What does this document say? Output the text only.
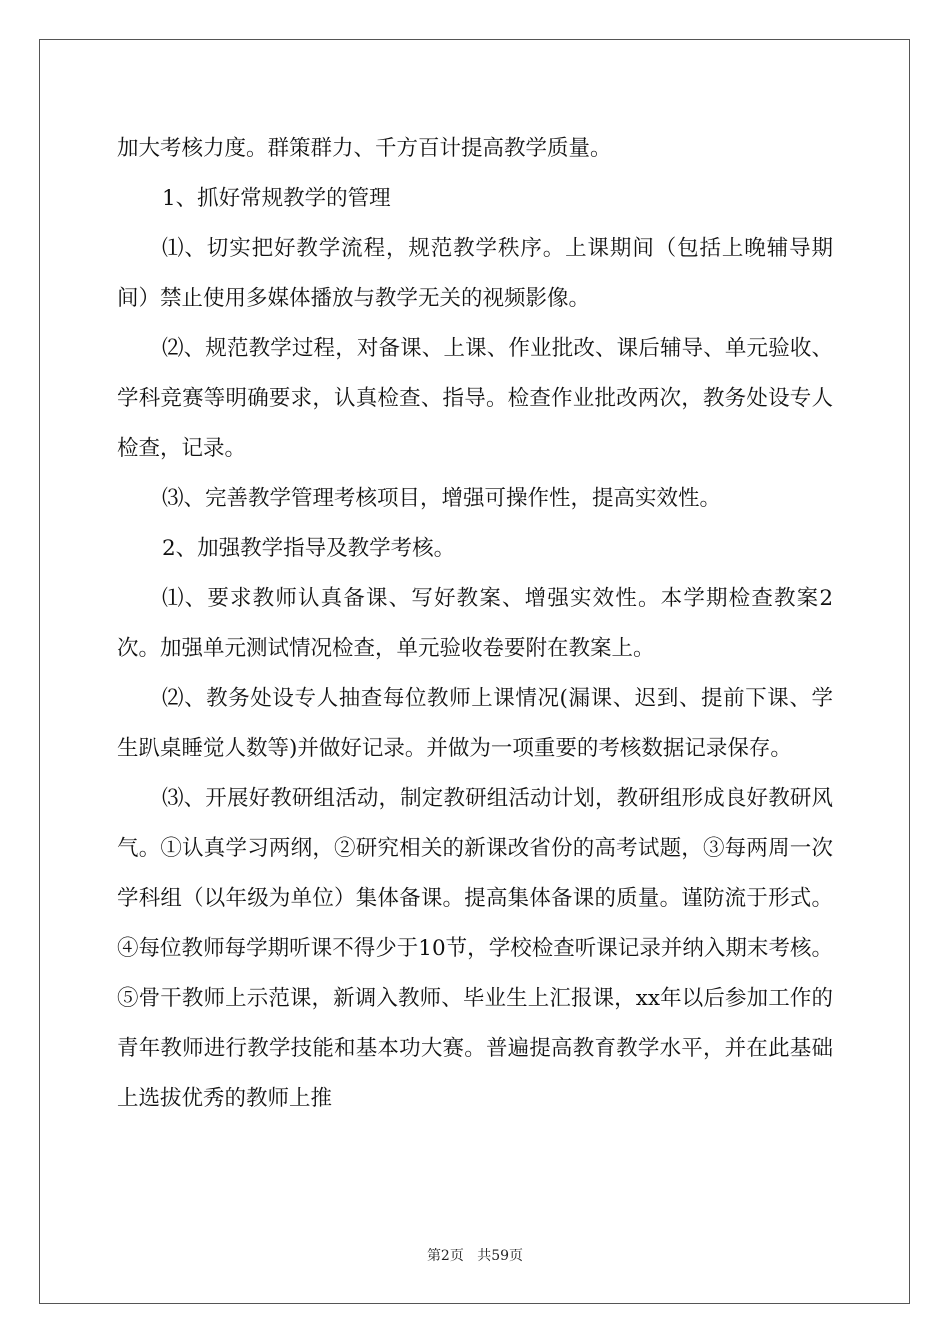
加大考核力度。群策群力、千方百计提高教学质量。

1、抓好常规教学的管理

⑴、切实把好教学流程，规范教学秩序。上课期间（包括上晚辅导期间）禁止使用多媒体播放与教学无关的视频影像。

⑵、规范教学过程，对备课、上课、作业批改、课后辅导、单元验收、学科竞赛等明确要求，认真检查、指导。检查作业批改两次，教务处设专人检查，记录。

⑶、完善教学管理考核项目，增强可操作性，提高实效性。

2、加强教学指导及教学考核。

⑴、要求教师认真备课、写好教案、增强实效性。本学期检查教案2次。加强单元测试情况检查，单元验收卷要附在教案上。

⑵、教务处设专人抽查每位教师上课情况(漏课、迟到、提前下课、学生趴桌睡觉人数等)并做好记录。并做为一项重要的考核数据记录保存。

⑶、开展好教研组活动，制定教研组活动计划，教研组形成良好教研风气。①认真学习两纲，②研究相关的新课改省份的高考试题，③每两周一次学科组（以年级为单位）集体备课。提高集体备课的质量。谨防流于形式。④每位教师每学期听课不得少于10节，学校检查听课记录并纳入期末考核。⑤骨干教师上示范课，新调入教师、毕业生上汇报课，xx年以后参加工作的青年教师进行教学技能和基本功大赛。普遍提高教育教学水平，并在此基础上选拔优秀的教师上推

第2页 共59页
